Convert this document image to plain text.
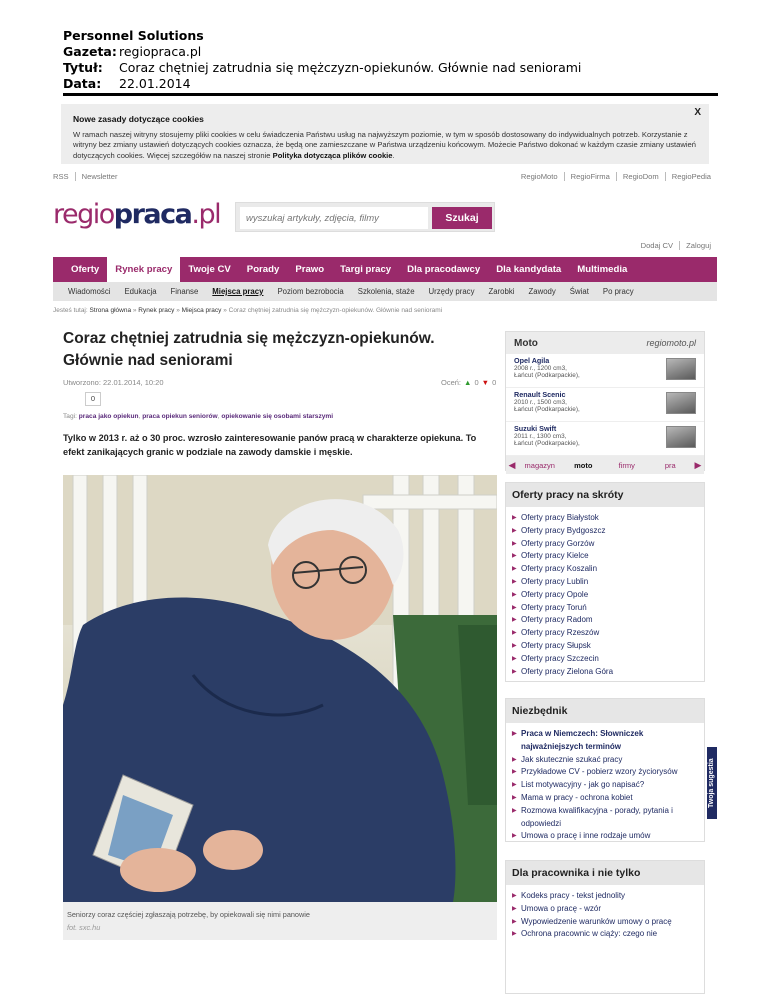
Personnel Solutions
Gazeta: regiopraca.pl
Tytuł:	Coraz chętniej zatrudnia się mężczyzn-opiekunów. Głównie nad seniorami
Data:	22.01.2014
Nowe zasady dotyczące cookies
X
W ramach naszej witryny stosujemy pliki cookies w celu świadczenia Państwu usług na najwyższym poziomie, w tym w sposób dostosowany do indywidualnych potrzeb. Korzystanie z witryny bez zmiany ustawień dotyczących cookies oznacza, że będą one zamieszczane w Państwa urządzeniu końcowym. Możecie Państwo dokonać w każdym czasie zmiany ustawień dotyczących cookies. Więcej szczegółów na naszej stronie Polityka dotycząca plików cookie.
RSS	Newsletter	RegioMoto	RegioFirma	RegioDom	RegioPedia
regiopraca.pl
wyszukaj artykuły, zdjęcia, filmy	Szukaj
Dodaj CV	Zaloguj
Oferty	Rynek pracy	Twoje CV	Porady	Prawo	Targi pracy	Dla pracodawcy	Dla kandydata	Multimedia
Wiadomości	Edukacja	Finanse	Miejsca pracy	Poziom bezrobocia	Szkolenia, staże	Urzędy pracy	Zarobki	Zawody	Świat	Po pracy
Jesteś tutaj: Strona główna » Rynek pracy » Miejsca pracy » Coraz chętniej zatrudnia się mężczyzn-opiekunów. Głównie nad seniorami
Coraz chętniej zatrudnia się mężczyzn-opiekunów. Głównie nad seniorami
Utworzono: 22.01.2014, 10:20	Oceń: ▲ 0 ▼ 0
0
Tagi: praca jako opiekun, praca opiekun seniorów, opiekowanie się osobami starszymi

Tylko w 2013 r. aż o 30 proc. wzrosło zainteresowanie panów pracą w charakterze opiekuna. To efekt zanikających granic w podziale na zawody damskie i męskie.

Seniorzy coraz częściej zgłaszają potrzebę, by opiekowali się nimi panowie
fot. sxc.hu
Moto	regiomoto.pl
Opel Agila
2008 r., 1200 cm3,
Łańcut (Podkarpackie),
Renault Scenic
2010 r., 1500 cm3,
Łańcut (Podkarpackie),
Suzuki Swift
2011 r., 1300 cm3,
Łańcut (Podkarpackie),
◀	magazyn	moto	firmy	pra	▶
Oferty pracy na skróty
▶ Oferty pracy Białystok
▶ Oferty pracy Bydgoszcz
▶ Oferty pracy Gorzów
▶ Oferty pracy Kielce
▶ Oferty pracy Koszalin
▶ Oferty pracy Lublin
▶ Oferty pracy Opole
▶ Oferty pracy Toruń
▶ Oferty pracy Radom
▶ Oferty pracy Rzeszów
▶ Oferty pracy Słupsk
▶ Oferty pracy Szczecin
▶ Oferty pracy Zielona Góra
Niezbędnik
▶ Praca w Niemczech: Słowniczek najważniejszych terminów
▶ Jak skutecznie szukać pracy
▶ Przykładowe CV - pobierz wzory życiorysów
▶ List motywacyjny - jak go napisać?
▶ Mama w pracy - ochrona kobiet
▶ Rozmowa kwalifikacyjna - porady, pytania i odpowiedzi
▶ Umowa o pracę i inne rodzaje umów
Dla pracownika i nie tylko
▶ Kodeks pracy - tekst jednolity
▶ Umowa o pracę - wzór
▶ Wypowiedzenie warunków umowy o pracę
▶ Ochrona pracownic w ciąży: czego nie
Twoja sugestia
